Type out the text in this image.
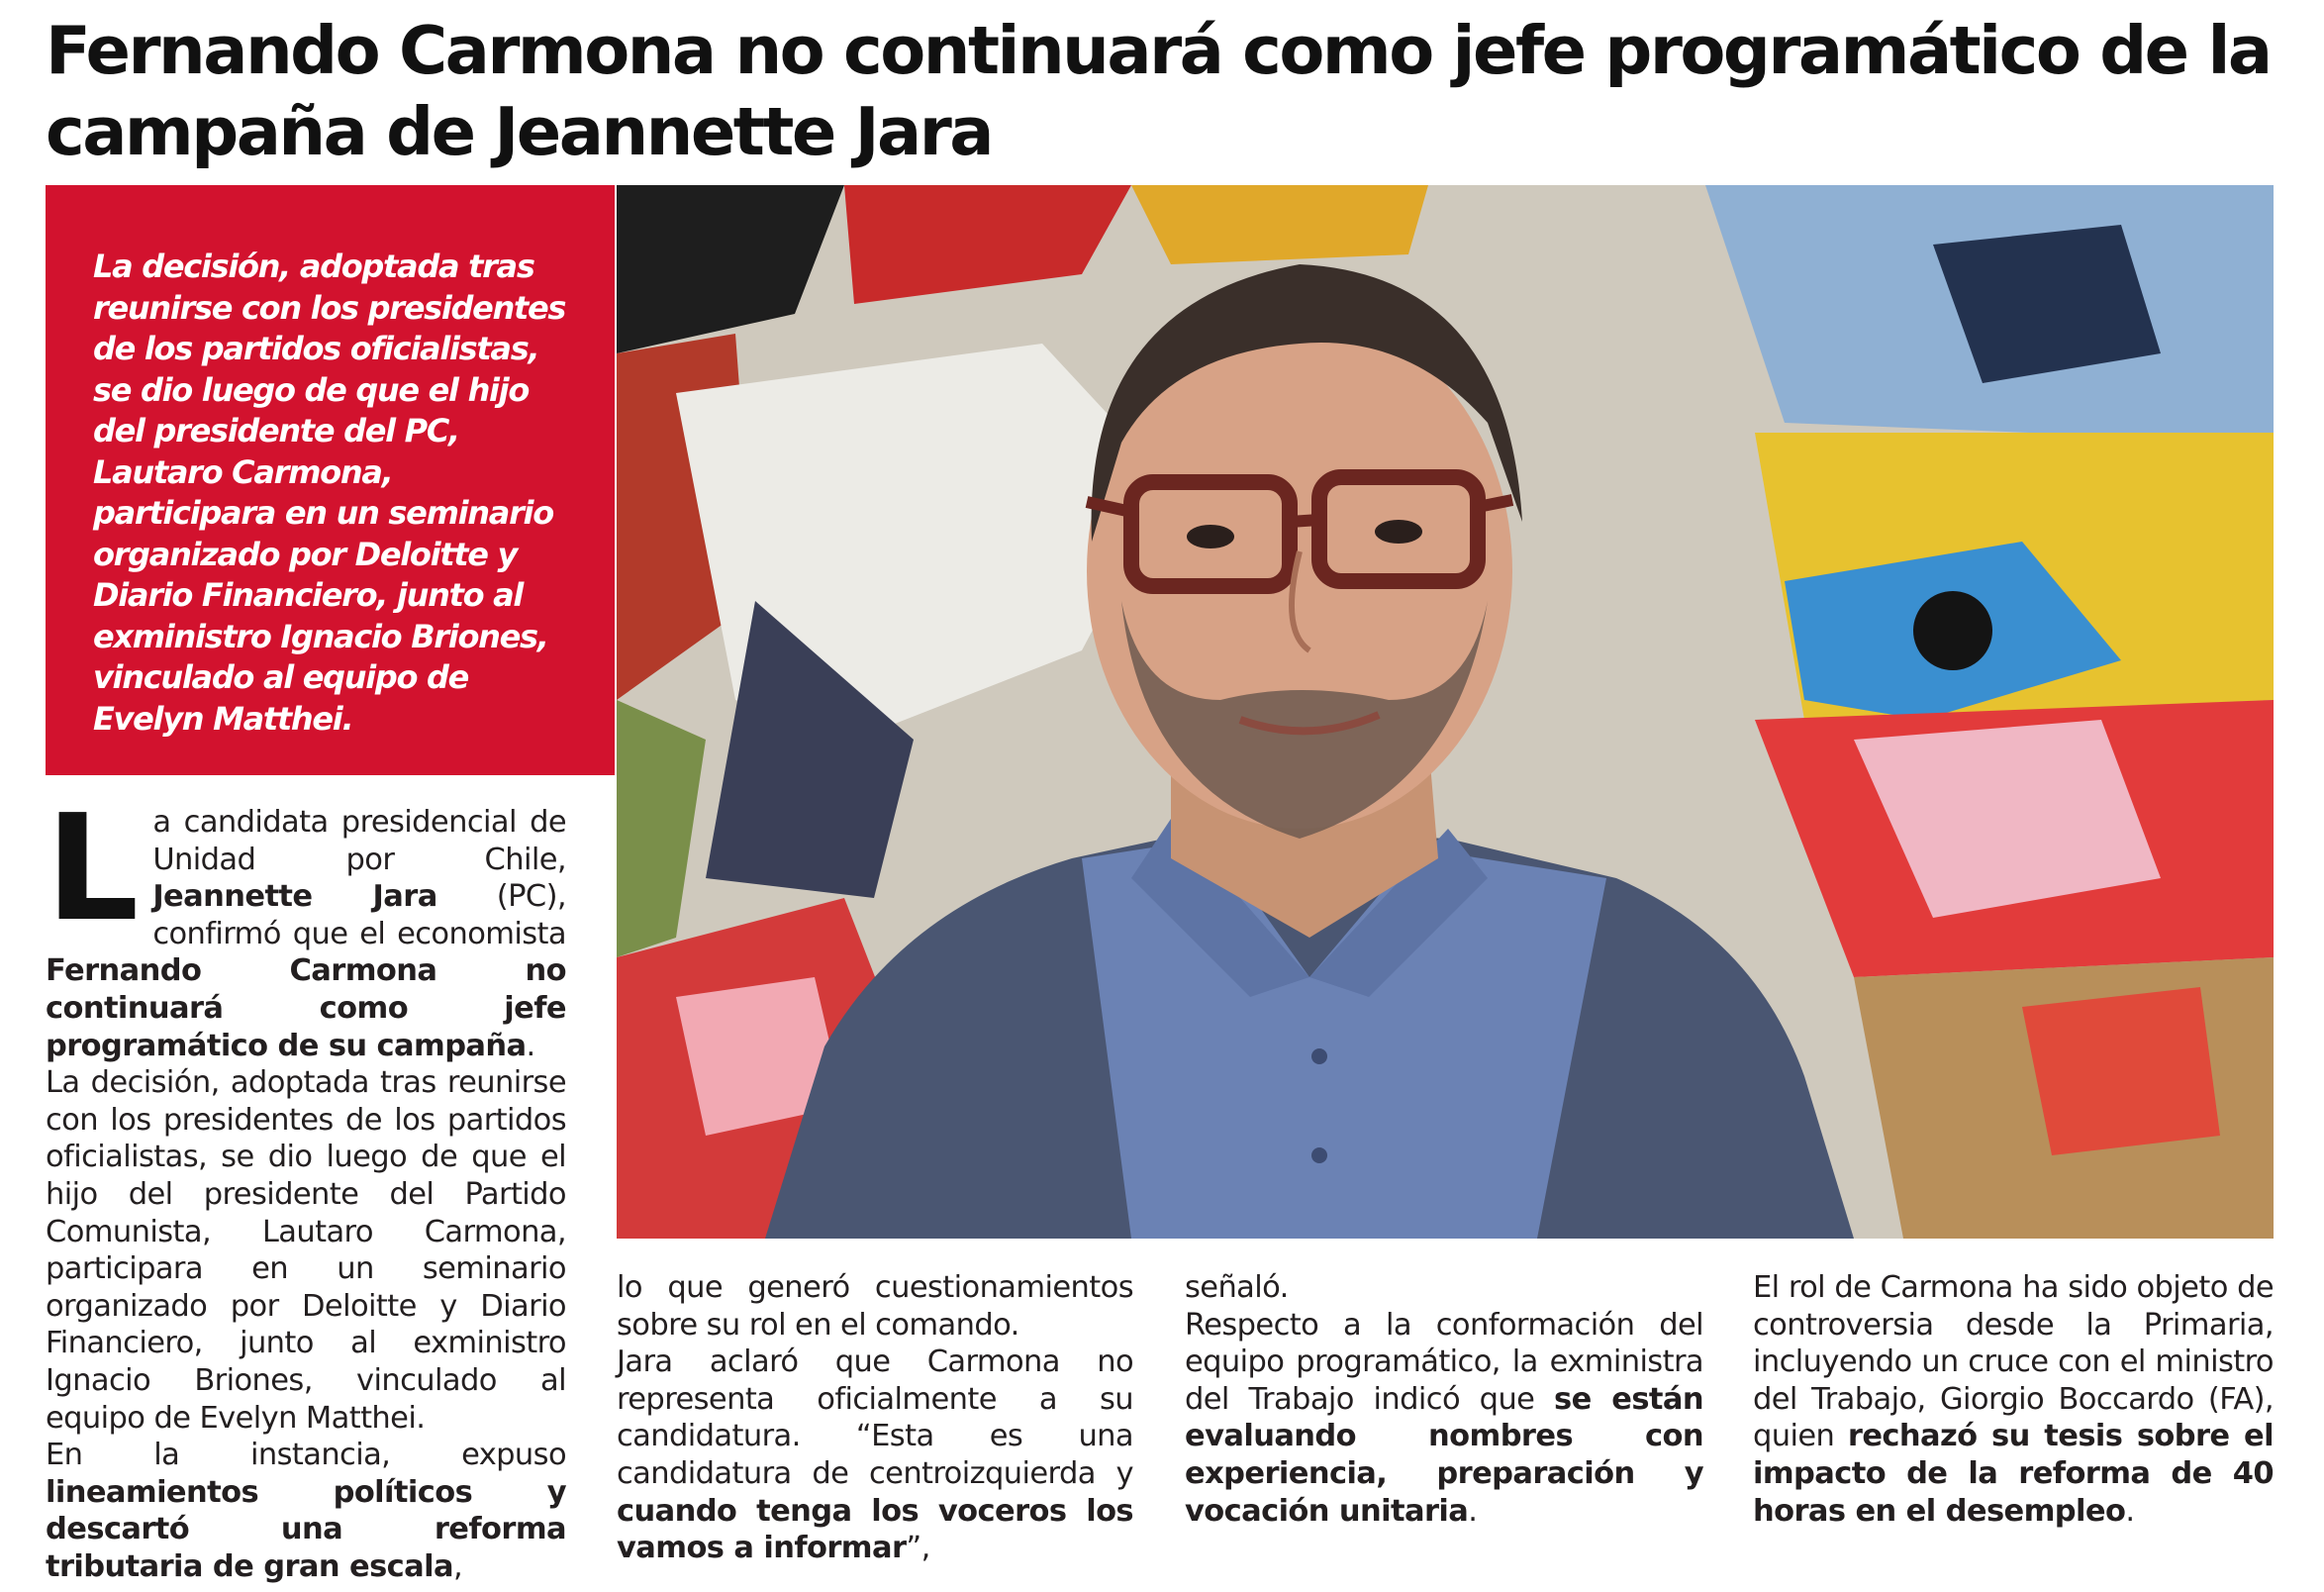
Fernando Carmona no continuará como jefe programático de la campaña de Jeannette Jara

La decisión, adoptada tras reunirse con los presidentes de los partidos oficialistas, se dio luego de que el hijo del presidente del PC, Lautaro Carmona, participara en un seminario organizado por Deloitte y Diario Financiero, junto al exministro Ignacio Briones, vinculado al equipo de Evelyn Matthei.

L a candidata presidencial de Unidad por Chile, Jeannette Jara (PC), confirmó que el economista Fernando Carmona no continuará como jefe programático de su campaña.

La decisión, adoptada tras reunirse con los presidentes de los partidos oficialistas, se dio luego de que el hijo del presidente del Partido Comunista, Lautaro Carmona, participara en un seminario organizado por Deloitte y Diario Financiero, junto al exministro Ignacio Briones, vinculado al equipo de Evelyn Matthei.

En la instancia, expuso lineamientos políticos y descartó una reforma tributaria de gran escala,

lo que generó cuestionamientos sobre su rol en el comando.

Jara aclaró que Carmona no representa oficialmente a su candidatura. “Esta es una candidatura de centroizquierda y cuando tenga los voceros los vamos a informar”,

señaló.

Respecto a la conformación del equipo programático, la exministra del Trabajo indicó que se están evaluando nombres con experiencia, preparación y vocación unitaria.

El rol de Carmona ha sido objeto de controversia desde la Primaria, incluyendo un cruce con el ministro del Trabajo, Giorgio Boccardo (FA), quien rechazó su tesis sobre el impacto de la reforma de 40 horas en el desempleo.
